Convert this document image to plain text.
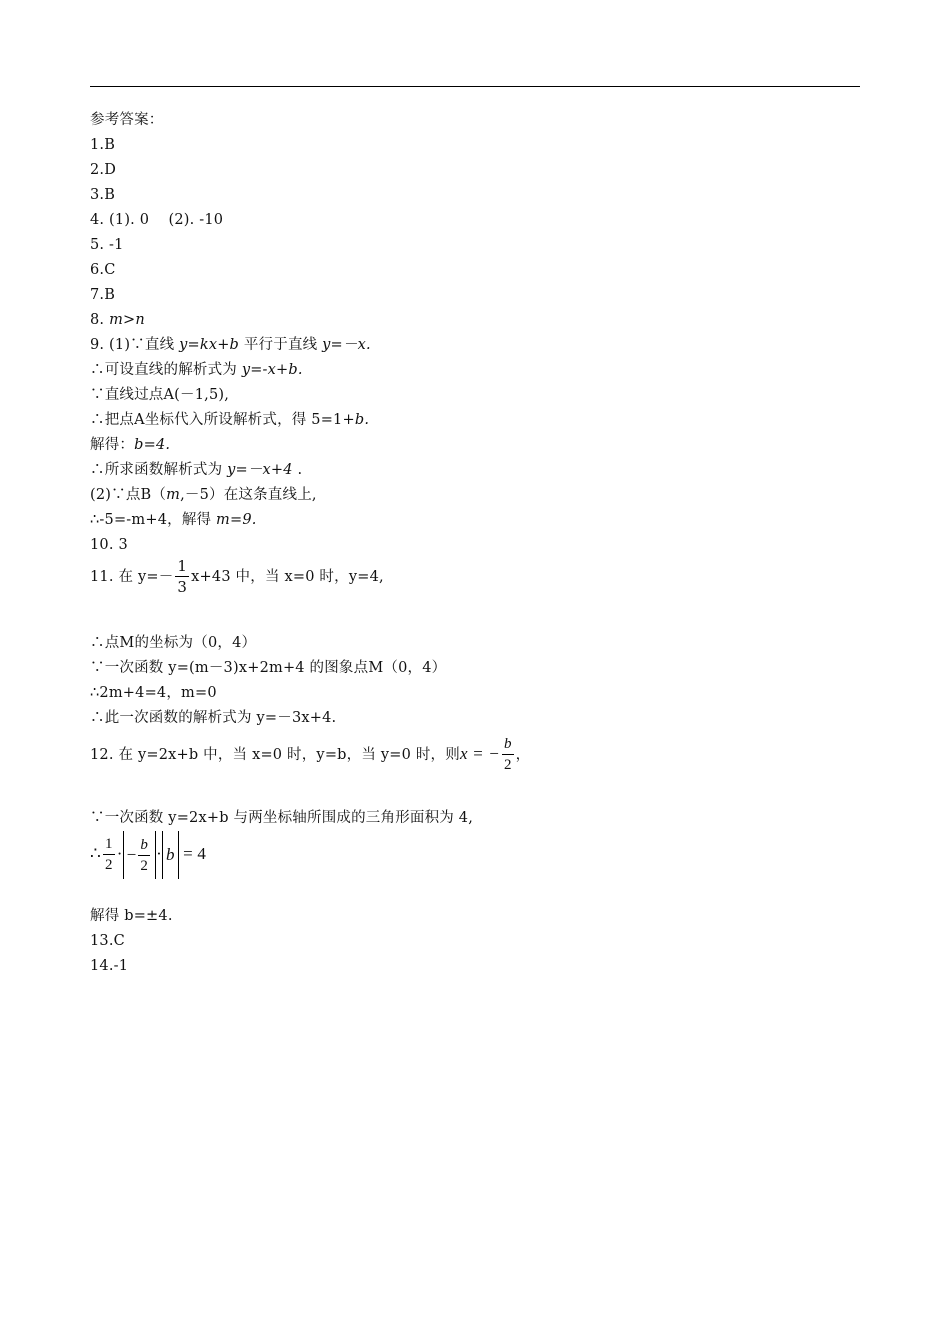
参考答案：
1.B
2.D
3.B
4. (1). 0    (2). -10
5. -1
6.C
7.B
8. m>n
9. (1)∵直线 y=kx+b 平行于直线 y=－x.
∴可设直线的解析式为 y=-x+b.
∵直线过点A(－1,5),
∴把点A坐标代入所设解析式，得 5=1+b.
解得：b=4.
∴所求函数解析式为 y=－x+4 .
(2)∵点B（m,－5）在这条直线上,
∴-5=-m+4，解得 m=9.
10. 3
11. 在 $y=- \frac{1}{3} x+43$ 中，当 x=0 时，y=4,
∴点M的坐标为（0，4）
∵一次函数 y=(m－3)x+2m+4 的图象点M（0，4）
∴2m+4=4，m=0
∴此一次函数的解析式为 y=－3x+4.
12. 在 y=2x+b 中，当 x=0 时，y=b，当 y=0 时，则x = − $\frac{b}{2}$ ，
∵一次函数 y=2x+b 与两坐标轴所围成的三角形面积为 4,
∴ $\frac{1}{2}$ · − $\frac{b}{2} \cdot b = 4$
解得 b=±4.
13.C
14.-1
